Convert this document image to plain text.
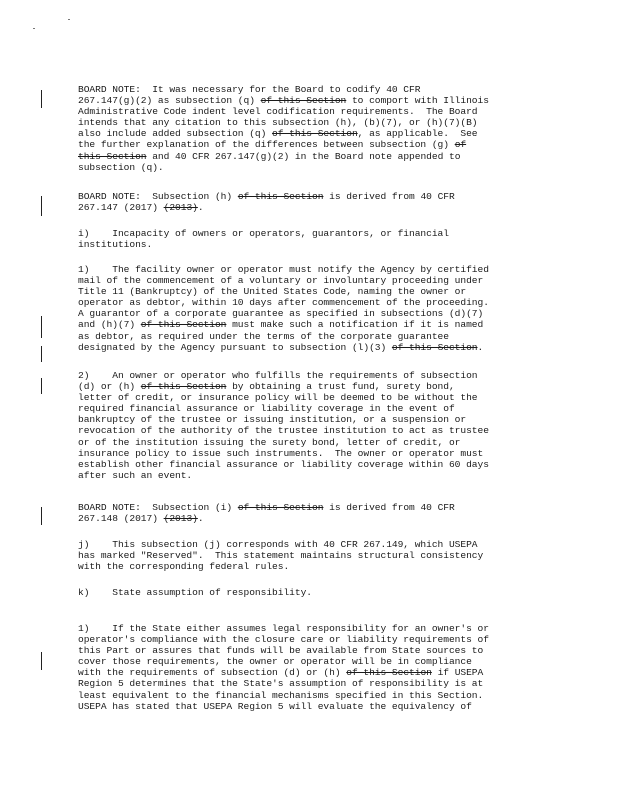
BOARD NOTE:  It was necessary for the Board to codify 40 CFR
267.147(g)(2) as subsection (q) of this Section to comport with Illinois
Administrative Code indent level codification requirements.  The Board
intends that any citation to this subsection (h), (b)(7), or (h)(7)(B)
also include added subsection (q) of this Section, as applicable.  See
the further explanation of the differences between subsection (g) of
this Section and 40 CFR 267.147(g)(2) in the Board note appended to
subsection (q).
BOARD NOTE:  Subsection (h) of this Section is derived from 40 CFR
267.147 (2017) (2013).
i)    Incapacity of owners or operators, guarantors, or financial
institutions.
1)    The facility owner or operator must notify the Agency by certified
mail of the commencement of a voluntary or involuntary proceeding under
Title 11 (Bankruptcy) of the United States Code, naming the owner or
operator as debtor, within 10 days after commencement of the proceeding.
A guarantor of a corporate guarantee as specified in subsections (d)(7)
and (h)(7) of this Section must make such a notification if it is named
as debtor, as required under the terms of the corporate guarantee
designated by the Agency pursuant to subsection (l)(3) of this Section.
2)    An owner or operator who fulfills the requirements of subsection
(d) or (h) of this Section by obtaining a trust fund, surety bond,
letter of credit, or insurance policy will be deemed to be without the
required financial assurance or liability coverage in the event of
bankruptcy of the trustee or issuing institution, or a suspension or
revocation of the authority of the trustee institution to act as trustee
or of the institution issuing the surety bond, letter of credit, or
insurance policy to issue such instruments.  The owner or operator must
establish other financial assurance or liability coverage within 60 days
after such an event.
BOARD NOTE:  Subsection (i) of this Section is derived from 40 CFR
267.148 (2017) (2013).
j)    This subsection (j) corresponds with 40 CFR 267.149, which USEPA
has marked "Reserved".  This statement maintains structural consistency
with the corresponding federal rules.
k)    State assumption of responsibility.
1)    If the State either assumes legal responsibility for an owner's or
operator's compliance with the closure care or liability requirements of
this Part or assures that funds will be available from State sources to
cover those requirements, the owner or operator will be in compliance
with the requirements of subsection (d) or (h) of this Section if USEPA
Region 5 determines that the State's assumption of responsibility is at
least equivalent to the financial mechanisms specified in this Section.
USEPA has stated that USEPA Region 5 will evaluate the equivalency of
